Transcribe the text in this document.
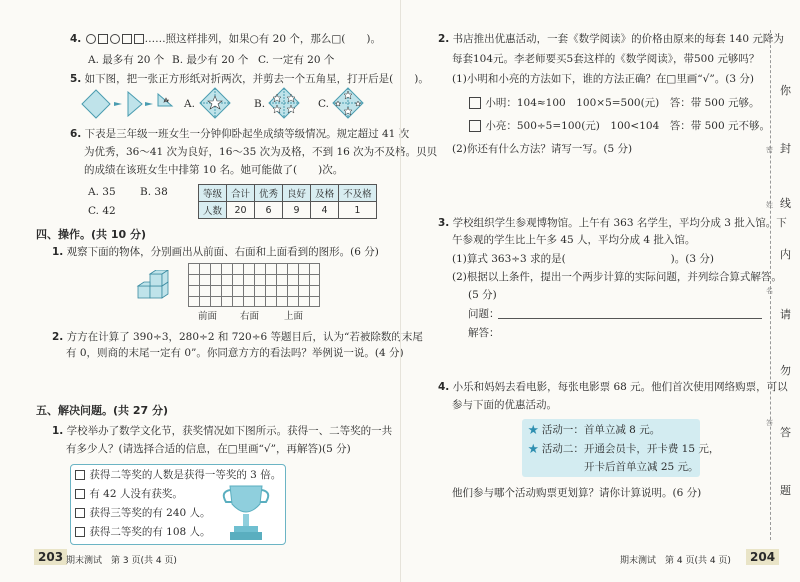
4.	……照这样排列，如果○有 20 个，那么□(　　)。
A. 最多有 20 个 B. 最少有 20 个 C. 一定有 20 个
5. 如下图，把一张正方形纸对折两次，并剪去一个五角星，打开后是(　　)。
A.	B.	C.
6. 下表是三年级一班女生一分钟仰卧起坐成绩等级情况。规定超过 41 次
为优秀，36～41 次为良好，16～35 次为及格，不到 16 次为不及格。贝贝
的成绩在该班女生中排第 10 名。她可能做了(　　)次。
A. 35 B. 38
C. 42
等级	合计	优秀	良好	及格	不及格
人数	20	6	9	4	1
四、操作。(共 10 分)
1. 观察下面的物体，分别画出从前面、右面和上面看到的图形。(6 分)
前面 右面	上面
2. 方方在计算了 390÷3，280÷2 和 720÷6 等题目后，认为“若被除数的末尾
有 0，则商的末尾一定有 0”。你同意方方的看法吗？举例说一说。(4 分)
五、解决问题。(共 27 分)
1. 学校举办了数学文化节，获奖情况如下图所示。获得一、二等奖的一共
有多少人？(请选择合适的信息，在□里画“√”，再解答)(5 分)
获得二等奖的人数是获得一等奖的 3 倍。
有 42 人没有获奖。
获得三等奖的有 240 人。
获得二等奖的有 108 人。
203 期末测试　第 3 页(共 4 页)
2. 书店推出优惠活动，一套《数学阅读》的价格由原来的每套 140 元降为
每套104元。李老师要买5套这样的《数学阅读》，带500 元够吗？
(1)小明和小亮的方法如下，谁的方法正确？在□里画“√”。(3 分)
小明：104≈100　100×5=500(元)　答：带 500 元够。
小亮：500÷5=100(元)　100<104　答：带 500 元不够。
(2)你还有什么方法？请写一写。(5 分)
3. 学校组织学生参观博物馆。上午有 363 名学生，平均分成 3 批入馆。下
午参观的学生比上午多 45 人，平均分成 4 批入馆。
(1)算式 363÷3 求的是(　　　　　　　　　　)。(3 分)
(2)根据以上条件，提出一个两步计算的实际问题，并列综合算式解答。
(5 分)
问题：
解答：
4. 小乐和妈妈去看电影，每张电影票 68 元。他们首次使用网络购票，可以
参与下面的优惠活动。
★ 活动一：首单立减 8 元。
★ 活动二：开通会员卡，开卡费 15 元，
开卡后首单立减 25 元。
他们参与哪个活动购票更划算？请你计算说明。(6 分)
你
封
线
内
请
勿
答
题
密
姓
名
答
期末测试　第 4 页(共 4 页)	204
